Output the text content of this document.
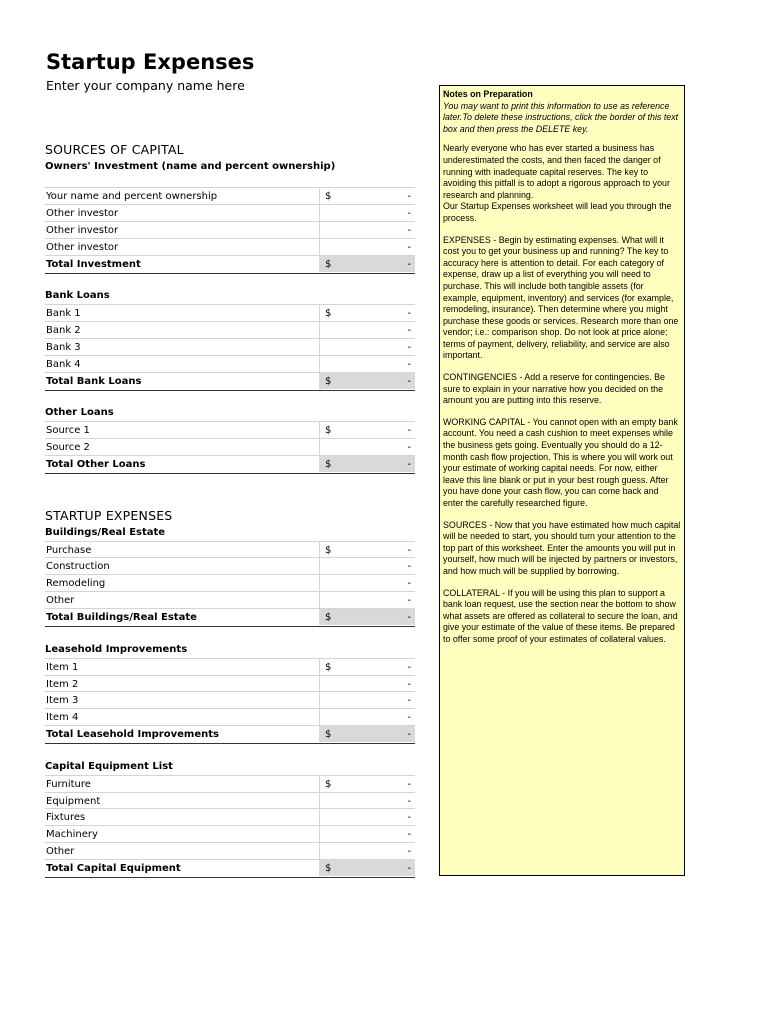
Startup Expenses
Enter your company name here
SOURCES OF CAPITAL
Owners' Investment (name and percent ownership)
Your name and percent ownership	$	-
Other investor	-
Other investor	-
Other investor	-
Total Investment	$	-
Bank Loans
Bank 1	$	-
Bank 2	-
Bank 3	-
Bank 4	-
Total Bank Loans	$	-
Other Loans
Source 1	$	-
Source 2	-
Total Other Loans	$	-
STARTUP EXPENSES
Buildings/Real Estate
Purchase	$	-
Construction	-
Remodeling	-
Other	-
Total Buildings/Real Estate	$	-
Leasehold Improvements
Item 1	$	-
Item 2	-
Item 3	-
Item 4	-
Total Leasehold Improvements	$	-
Capital Equipment List
Furniture	$	-
Equipment	-
Fixtures	-
Machinery	-
Other	-
Total Capital Equipment	$	-

Notes on Preparation

You may want to print this information to use as reference later.To delete these instructions, click the border of this text box and then press the DELETE key.

Nearly everyone who has ever started a business has underestimated the costs, and then faced the danger of running with inadequate capital reserves. The key to avoiding this pitfall is to adopt a rigorous approach to your research and planning.

Our Startup Expenses worksheet will lead you through the process.

EXPENSES - Begin by estimating expenses. What will it cost you to get your business up and running? The key to accuracy here is attention to detail. For each category of expense, draw up a list of everything you will need to purchase. This will include both tangible assets (for example, equipment, inventory) and services (for example, remodeling, insurance). Then determine where you might purchase these goods or services. Research more than one vendor; i.e.: comparison shop. Do not look at price alone; terms of payment, delivery, reliability, and service are also important.

CONTINGENCIES - Add a reserve for contingencies. Be sure to explain in your narrative how you decided on the amount you are putting into this reserve.

WORKING CAPITAL - You cannot open with an empty bank account. You need a cash cushion to meet expenses while the business gets going. Eventually you should do a 12-month cash flow projection. This is where you will work out your estimate of working capital needs. For now, either leave this line blank or put in your best rough guess. After you have done your cash flow, you can come back and enter the carefully researched figure.

SOURCES - Now that you have estimated how much capital will be needed to start, you should turn your attention to the top part of this worksheet. Enter the amounts you will put in yourself, how much will be injected by partners or investors, and how much will be supplied by borrowing.

COLLATERAL - If you will be using this plan to support a bank loan request, use the section near the bottom to show what assets are offered as collateral to secure the loan, and give your estimate of the value of these items. Be prepared to offer some proof of your estimates of collateral values.
